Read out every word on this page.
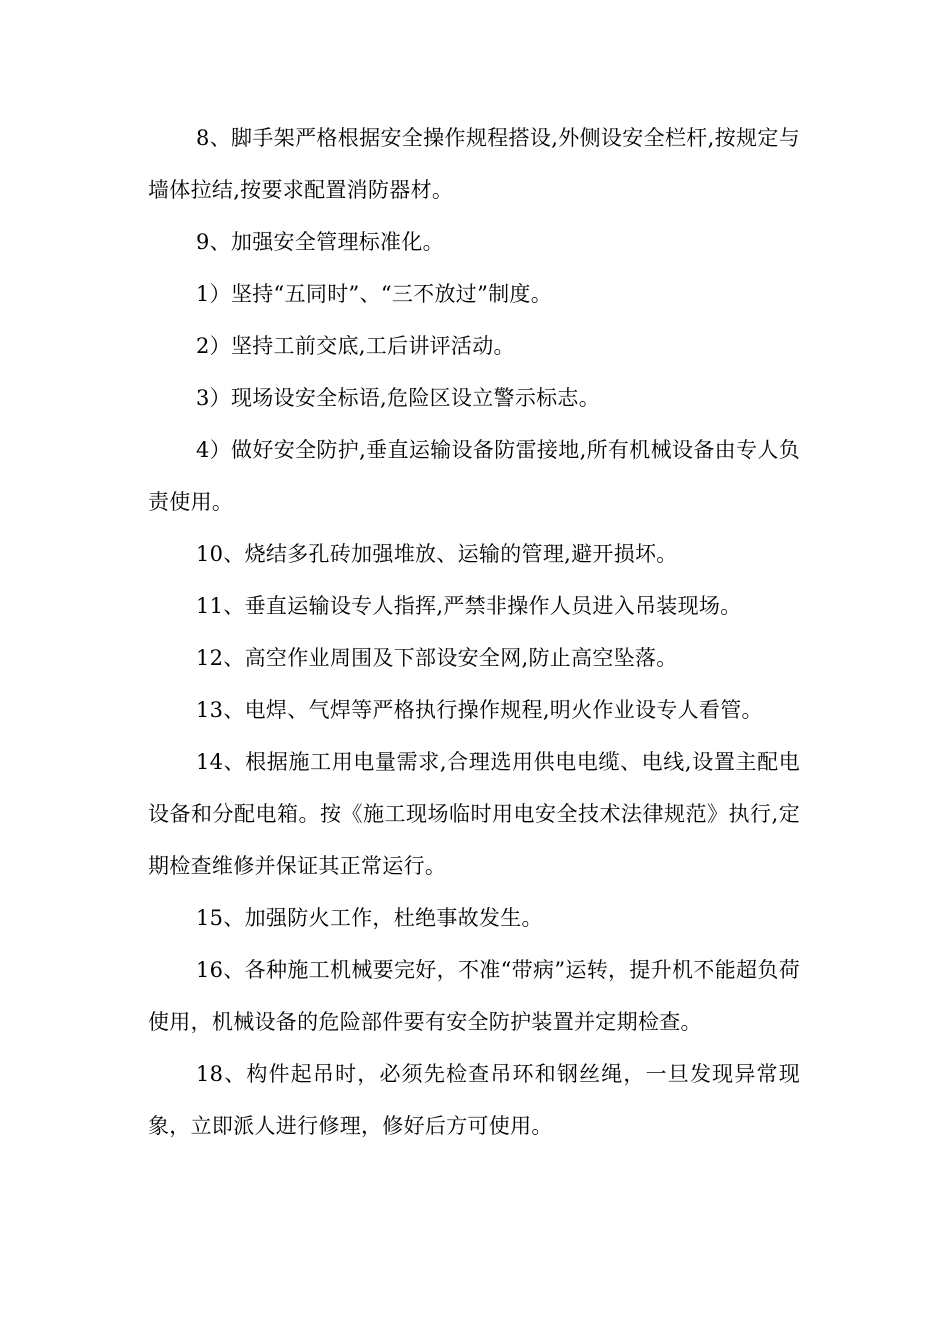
8、脚手架严格根据安全操作规程搭设,外侧设安全栏杆,按规定与墙体拉结,按要求配置消防器材。

9、加强安全管理标准化。

1）坚持“五同时”、“三不放过”制度。

2）坚持工前交底,工后讲评活动。

3）现场设安全标语,危险区设立警示标志。

4）做好安全防护,垂直运输设备防雷接地,所有机械设备由专人负责使用。

10、烧结多孔砖加强堆放、运输的管理,避开损坏。

11、垂直运输设专人指挥,严禁非操作人员进入吊装现场。

12、高空作业周围及下部设安全网,防止高空坠落。

13、电焊、气焊等严格执行操作规程,明火作业设专人看管。

14、根据施工用电量需求,合理选用供电电缆、电线,设置主配电设备和分配电箱。按《施工现场临时用电安全技术法律规范》执行,定期检查维修并保证其正常运行。

15、加强防火工作，杜绝事故发生。

16、各种施工机械要完好，不准“带病”运转，提升机不能超负荷使用，机械设备的危险部件要有安全防护装置并定期检查。

18、构件起吊时，必须先检查吊环和钢丝绳，一旦发现异常现象，立即派人进行修理，修好后方可使用。
